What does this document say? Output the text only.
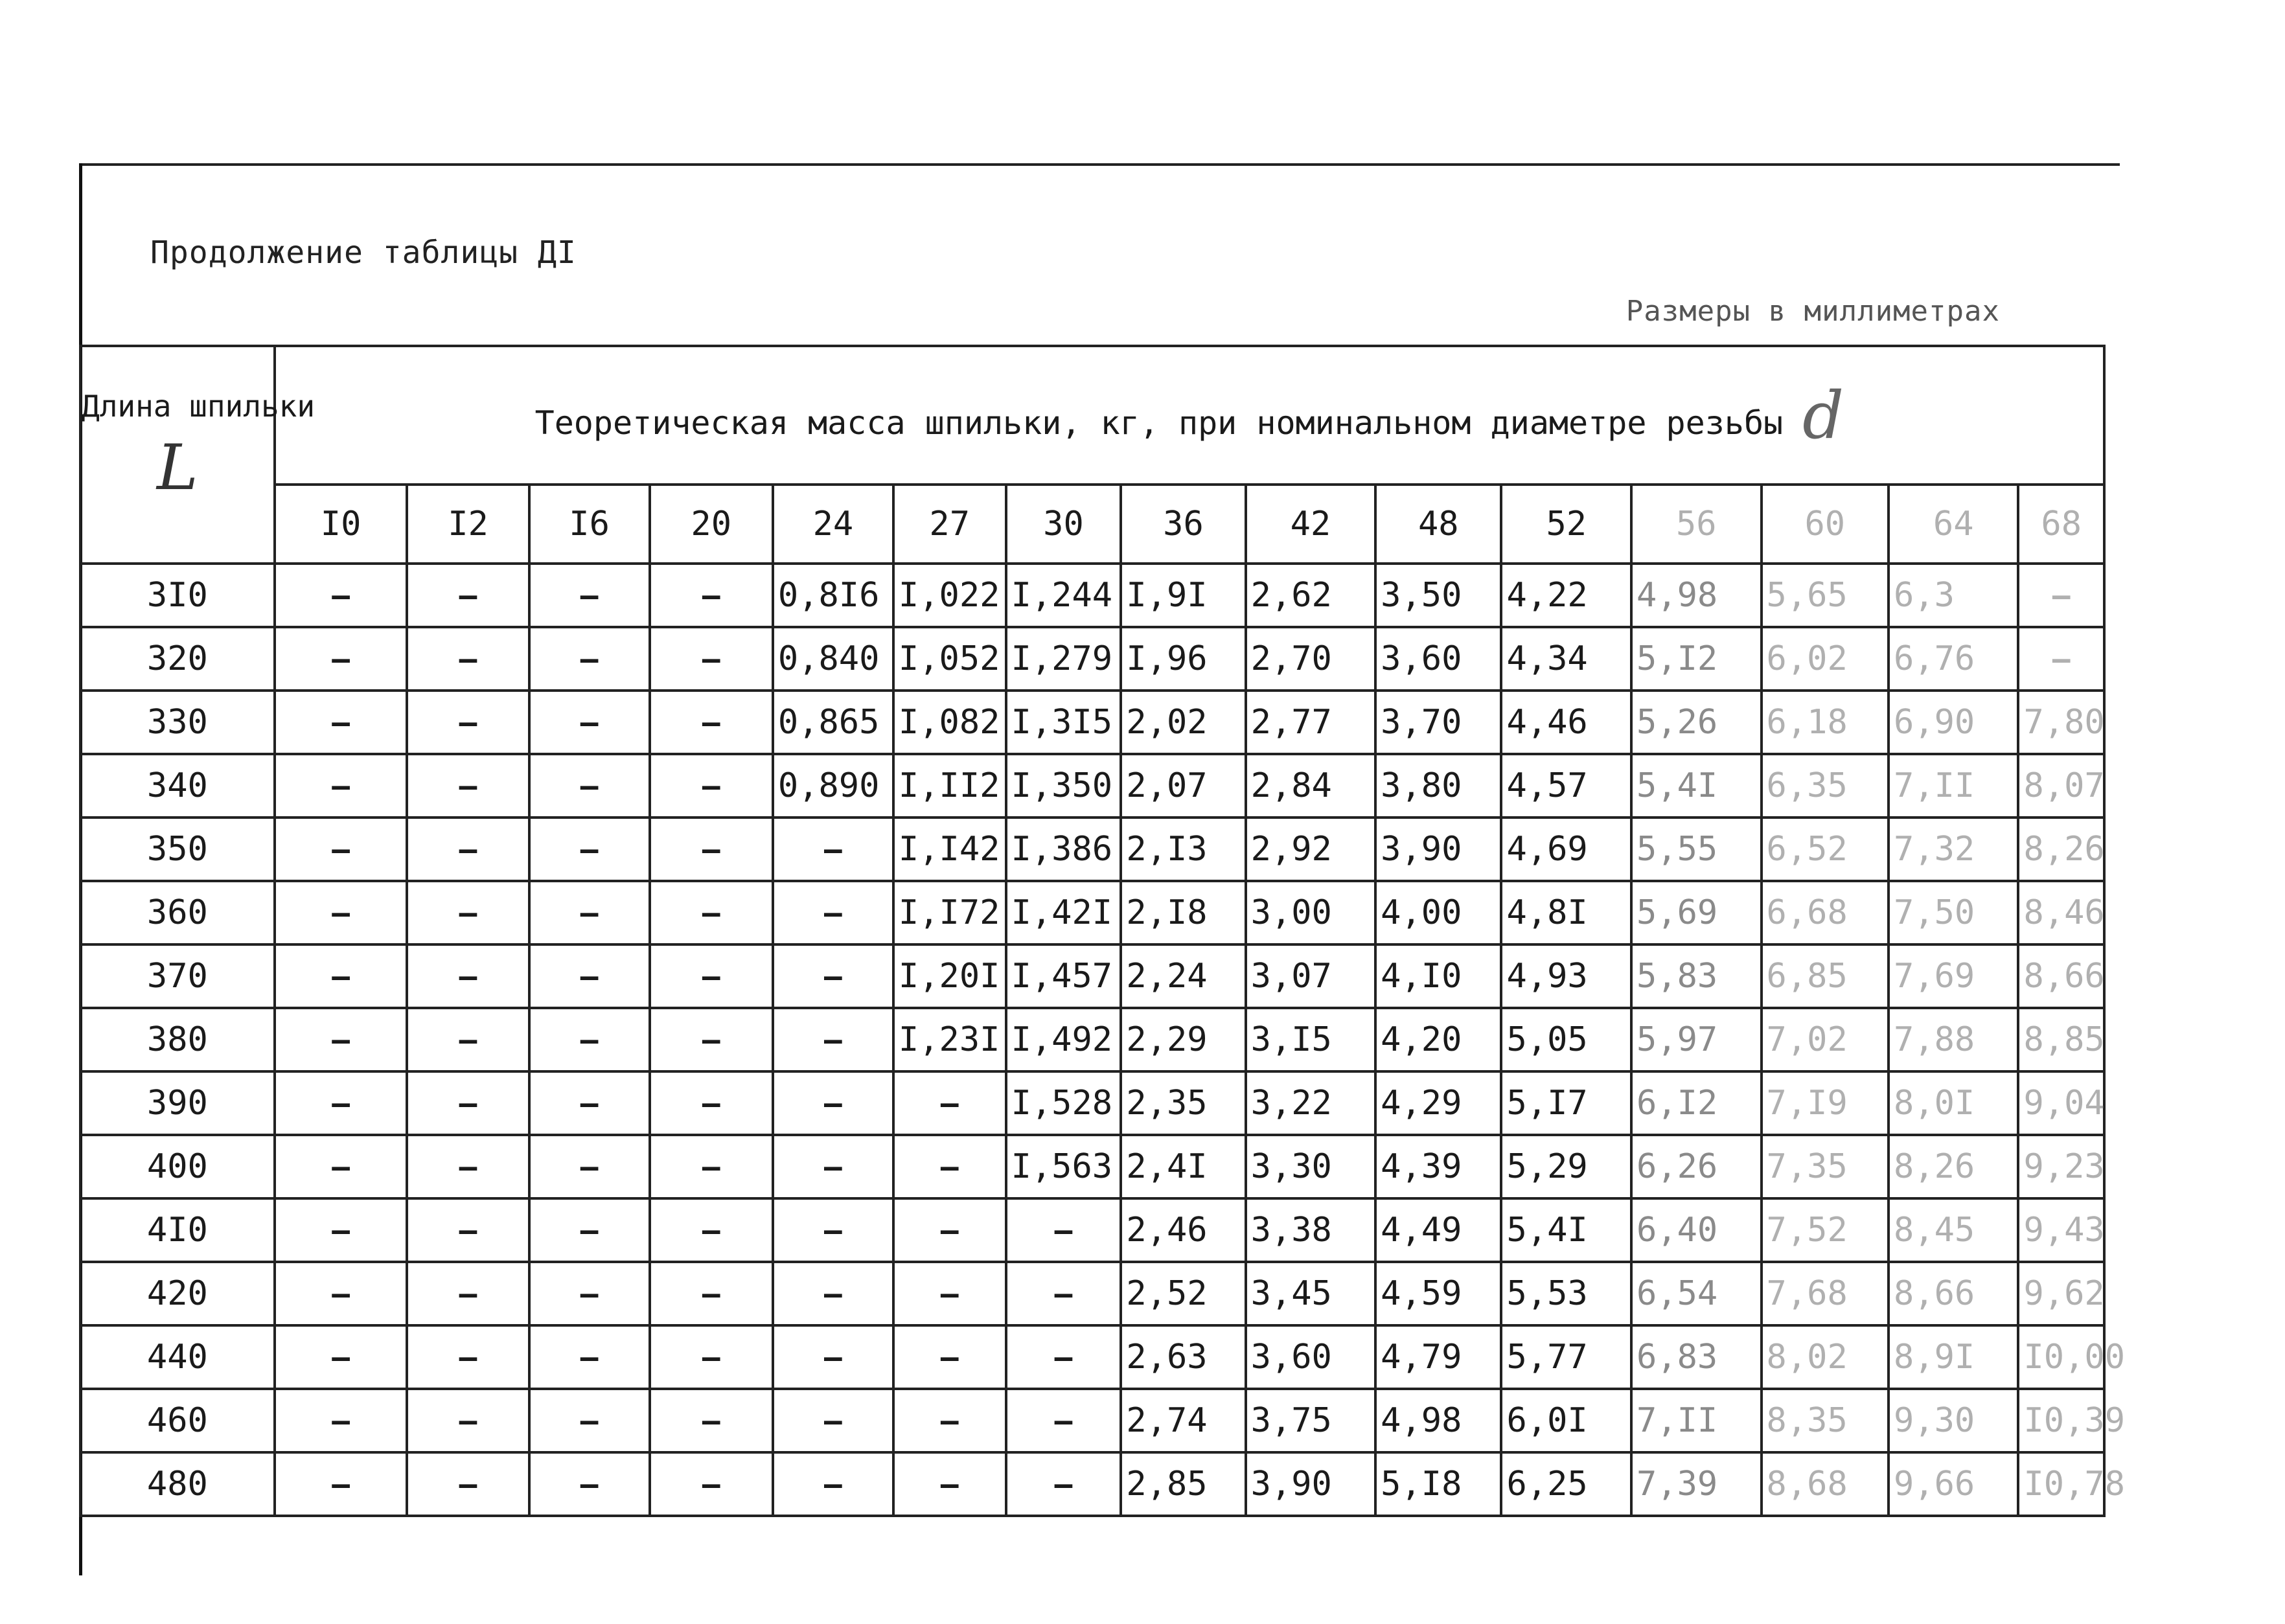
Продолжение таблицы ДI
Размеры в миллиметрах
Длина шпильки
L	Теоретическая масса шпильки, кг, при номинальном диаметре резьбы d														
	I0	I2	I6	20	24	27	30	36	42	48	52	56	60	64	68
3I0	–	–	–	–	0,8I6	I,022	I,244	I,9I	2,62	3,50	4,22	4,98	5,65	6,3	–
320	–	–	–	–	0,840	I,052	I,279	I,96	2,70	3,60	4,34	5,I2	6,02	6,76	–
330	–	–	–	–	0,865	I,082	I,3I5	2,02	2,77	3,70	4,46	5,26	6,18	6,90	7,80
340	–	–	–	–	0,890	I,II2	I,350	2,07	2,84	3,80	4,57	5,4I	6,35	7,II	8,07
350	–	–	–	–	–	I,I42	I,386	2,I3	2,92	3,90	4,69	5,55	6,52	7,32	8,26
360	–	–	–	–	–	I,I72	I,42I	2,I8	3,00	4,00	4,8I	5,69	6,68	7,50	8,46
370	–	–	–	–	–	I,20I	I,457	2,24	3,07	4,I0	4,93	5,83	6,85	7,69	8,66
380	–	–	–	–	–	I,23I	I,492	2,29	3,I5	4,20	5,05	5,97	7,02	7,88	8,85
390	–	–	–	–	–	–	I,528	2,35	3,22	4,29	5,I7	6,I2	7,I9	8,0I	9,04
400	–	–	–	–	–	–	I,563	2,4I	3,30	4,39	5,29	6,26	7,35	8,26	9,23
4I0	–	–	–	–	–	–	–	2,46	3,38	4,49	5,4I	6,40	7,52	8,45	9,43
420	–	–	–	–	–	–	–	2,52	3,45	4,59	5,53	6,54	7,68	8,66	9,62
440	–	–	–	–	–	–	–	2,63	3,60	4,79	5,77	6,83	8,02	8,9I	I0,00
460	–	–	–	–	–	–	–	2,74	3,75	4,98	6,0I	7,II	8,35	9,30	I0,39
480	–	–	–	–	–	–	–	2,85	3,90	5,I8	6,25	7,39	8,68	9,66	I0,78
